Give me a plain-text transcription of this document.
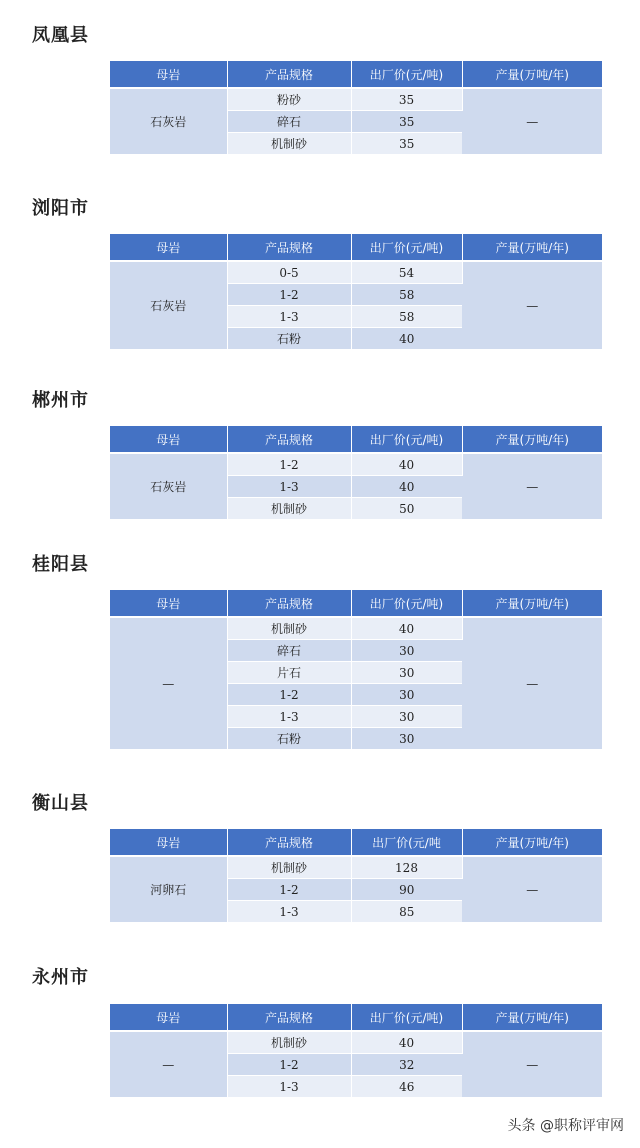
凤凰县
母岩	产品规格	出厂价(元/吨)	产量(万吨/年)
石灰岩	粉砂	35	—
	碎石	35	
	机制砂	35	
浏阳市
母岩	产品规格	出厂价(元/吨)	产量(万吨/年)
石灰岩	0-5	54	—
	1-2	58	
	1-3	58	
	石粉	40	
郴州市
母岩	产品规格	出厂价(元/吨)	产量(万吨/年)
石灰岩	1-2	40	—
	1-3	40	
	机制砂	50	
桂阳县
母岩	产品规格	出厂价(元/吨)	产量(万吨/年)
—	机制砂	40	—
	碎石	30	
	片石	30	
	1-2	30	
	1-3	30	
	石粉	30	
衡山县
母岩	产品规格	出厂价(元/吨	产量(万吨/年)
河卵石	机制砂	128	—
	1-2	90	
	1-3	85	
永州市
母岩	产品规格	出厂价(元/吨)	产量(万吨/年)
—	机制砂	40	—
	1-2	32	
	1-3	46	
头条 @职称评审网
